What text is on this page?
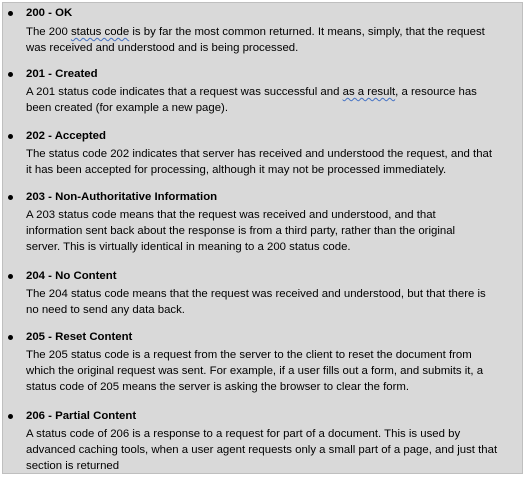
200 - OK
The 200 status code is by far the most common returned. It means, simply, that the request
was received and understood and is being processed.
201 - Created
A 201 status code indicates that a request was successful and as a result, a resource has
been created (for example a new page).
202 - Accepted
The status code 202 indicates that server has received and understood the request, and that
it has been accepted for processing, although it may not be processed immediately.
203 - Non-Authoritative Information
A 203 status code means that the request was received and understood, and that
information sent back about the response is from a third party, rather than the original
server. This is virtually identical in meaning to a 200 status code.
204 - No Content
The 204 status code means that the request was received and understood, but that there is
no need to send any data back.
205 - Reset Content
The 205 status code is a request from the server to the client to reset the document from
which the original request was sent. For example, if a user fills out a form, and submits it, a
status code of 205 means the server is asking the browser to clear the form.
206 - Partial Content
A status code of 206 is a response to a request for part of a document. This is used by
advanced caching tools, when a user agent requests only a small part of a page, and just that
section is returned
